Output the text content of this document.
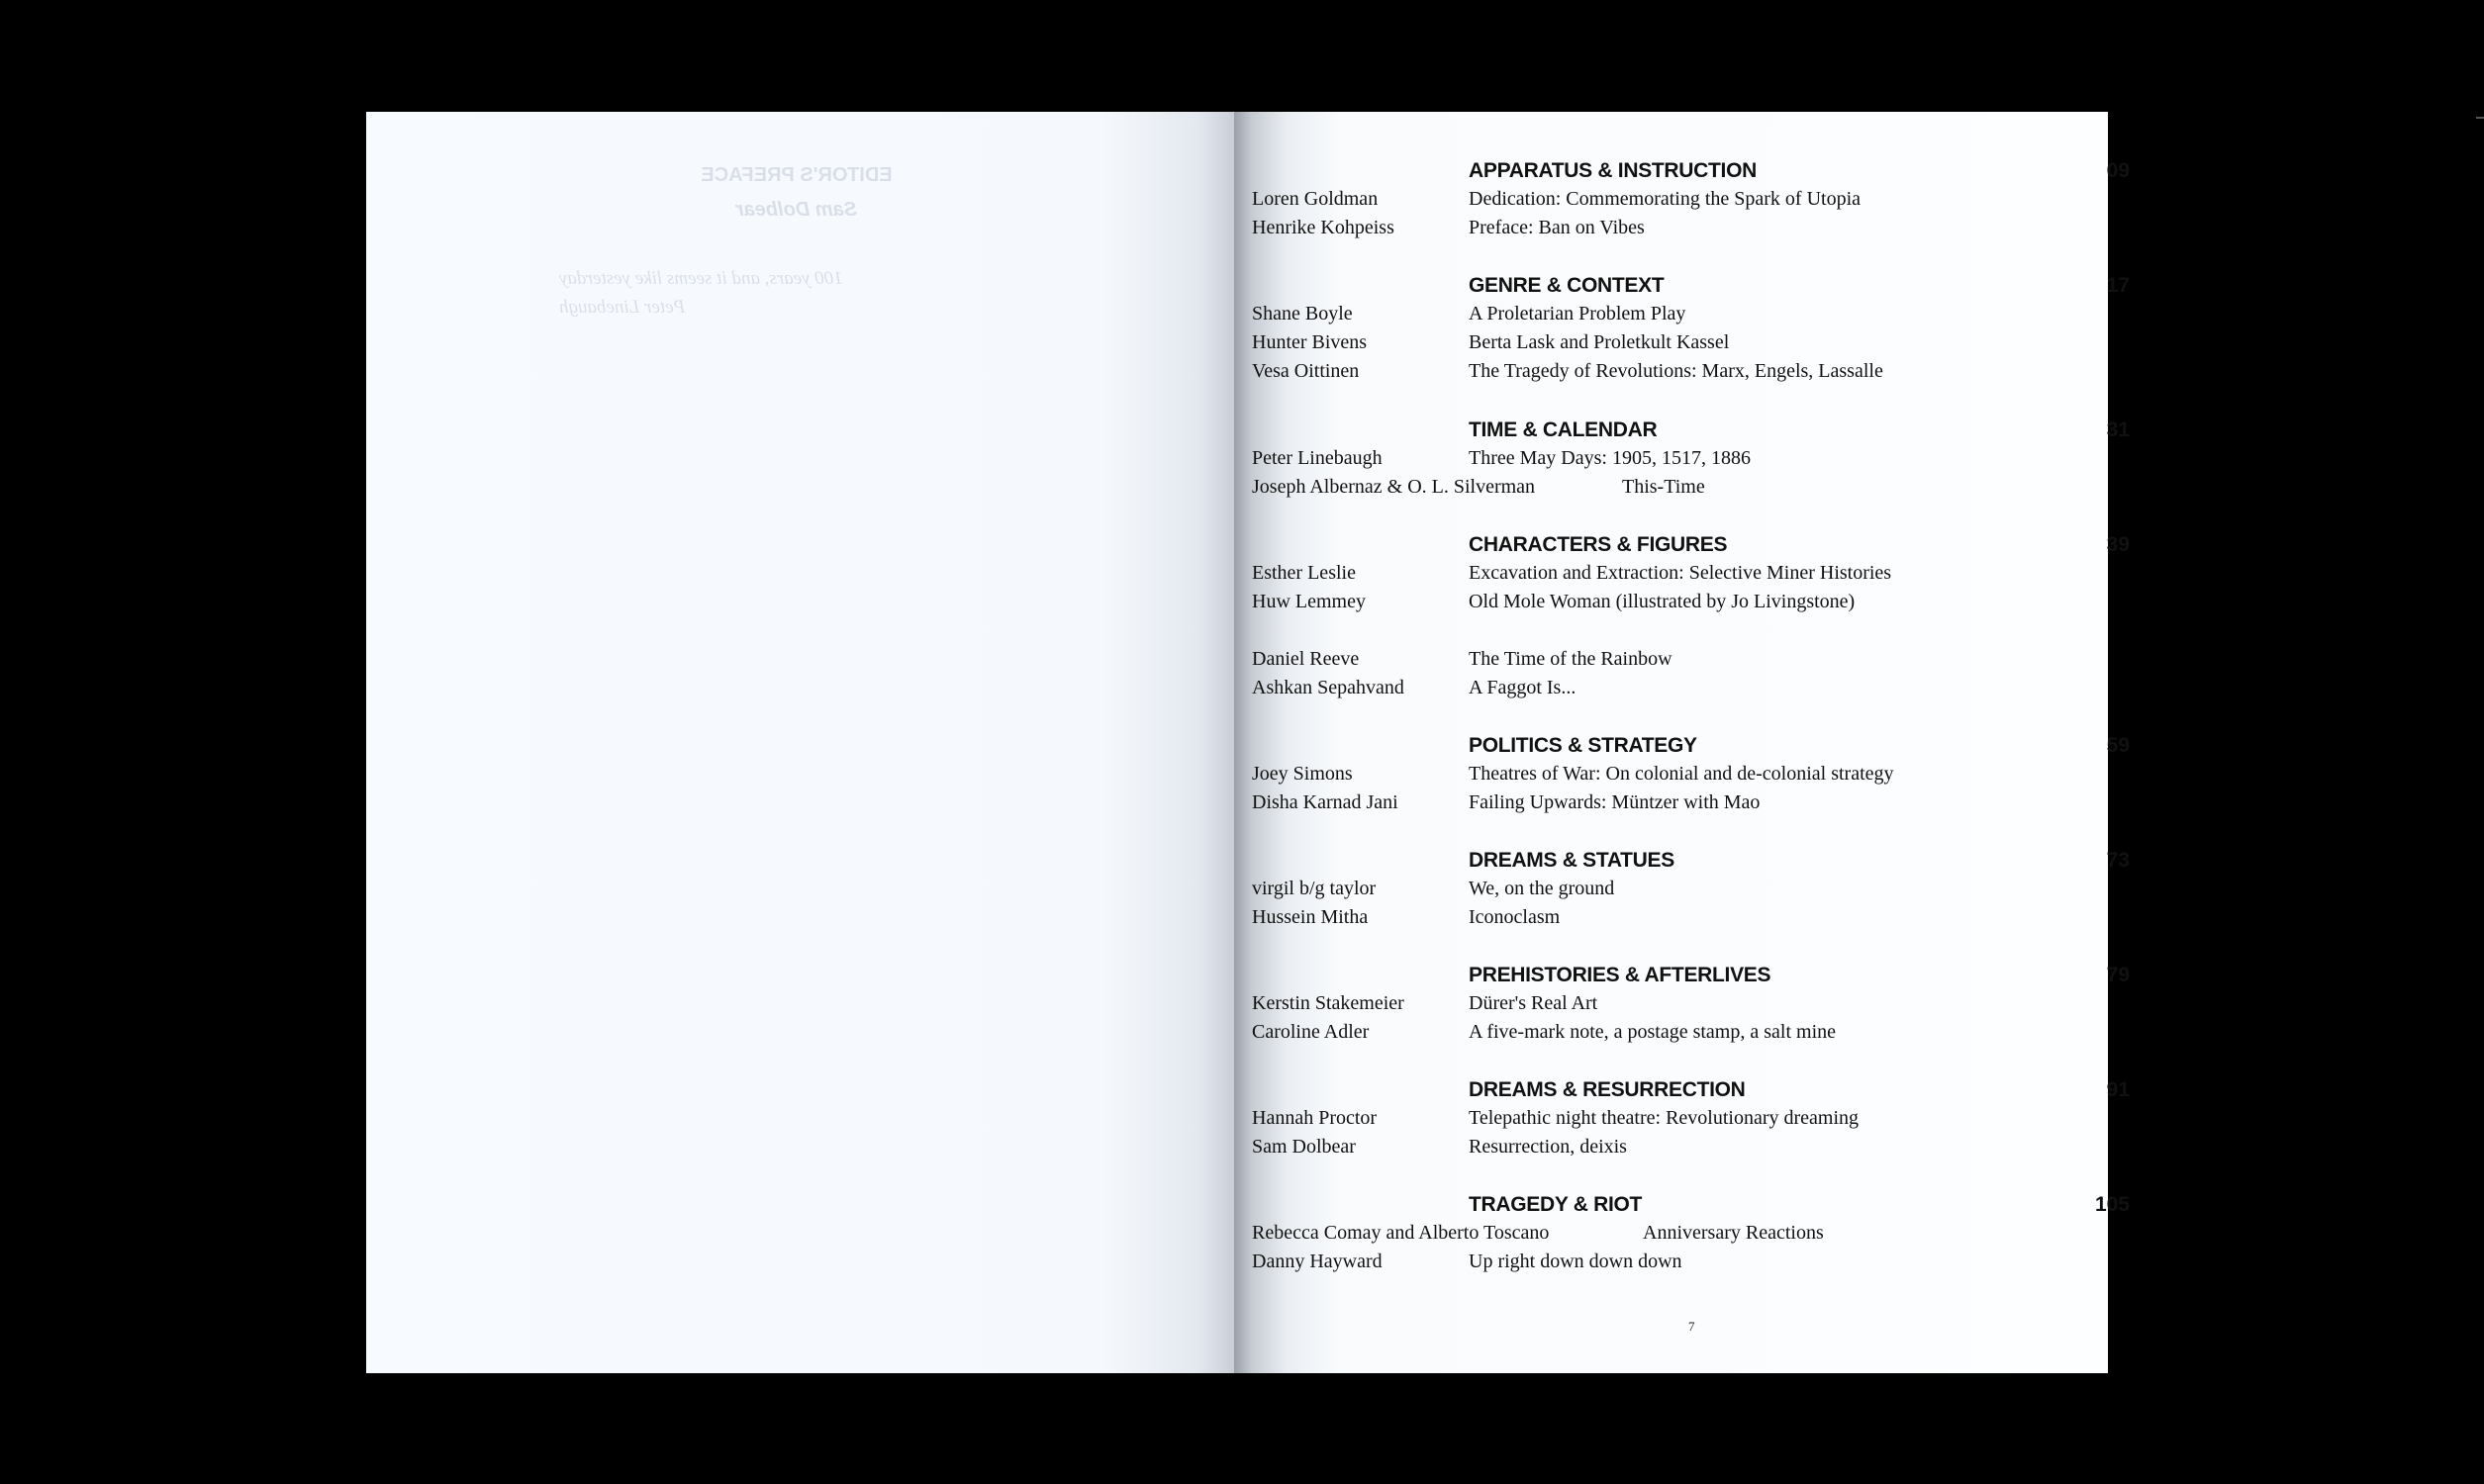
EDITOR'S PREFACE
Sam Dolbear
100 years, and it seems like yesterday
Peter Linebaugh
APPARATUS & INSTRUCTION	09
Loren Goldman	Dedication: Commemorating the Spark of Utopia
Henrike Kohpeiss	Preface: Ban on Vibes
GENRE & CONTEXT	17
Shane Boyle	A Proletarian Problem Play
Hunter Bivens	Berta Lask and Proletkult Kassel
Vesa Oittinen	The Tragedy of Revolutions: Marx, Engels, Lassalle
TIME & CALENDAR	31
Peter Linebaugh	Three May Days: 1905, 1517, 1886
Joseph Albernaz & O. L. Silverman	This-Time
CHARACTERS & FIGURES	39
Esther Leslie	Excavation and Extraction: Selective Miner Histories
Huw Lemmey	Old Mole Woman (illustrated by Jo Livingstone)
Daniel Reeve	The Time of the Rainbow
Ashkan Sepahvand	A Faggot Is...
POLITICS & STRATEGY	59
Joey Simons	Theatres of War: On colonial and de-colonial strategy
Disha Karnad Jani	Failing Upwards: Müntzer with Mao
DREAMS & STATUES	73
virgil b/g taylor	We, on the ground
Hussein Mitha	Iconoclasm
PREHISTORIES & AFTERLIVES	79
Kerstin Stakemeier	Dürer's Real Art
Caroline Adler	A five-mark note, a postage stamp, a salt mine
DREAMS & RESURRECTION	91
Hannah Proctor	Telepathic night theatre: Revolutionary dreaming
Sam Dolbear	Resurrection, deixis
TRAGEDY & RIOT	105
Rebecca Comay and Alberto Toscano	Anniversary Reactions
Danny Hayward	Up right down down down
7
